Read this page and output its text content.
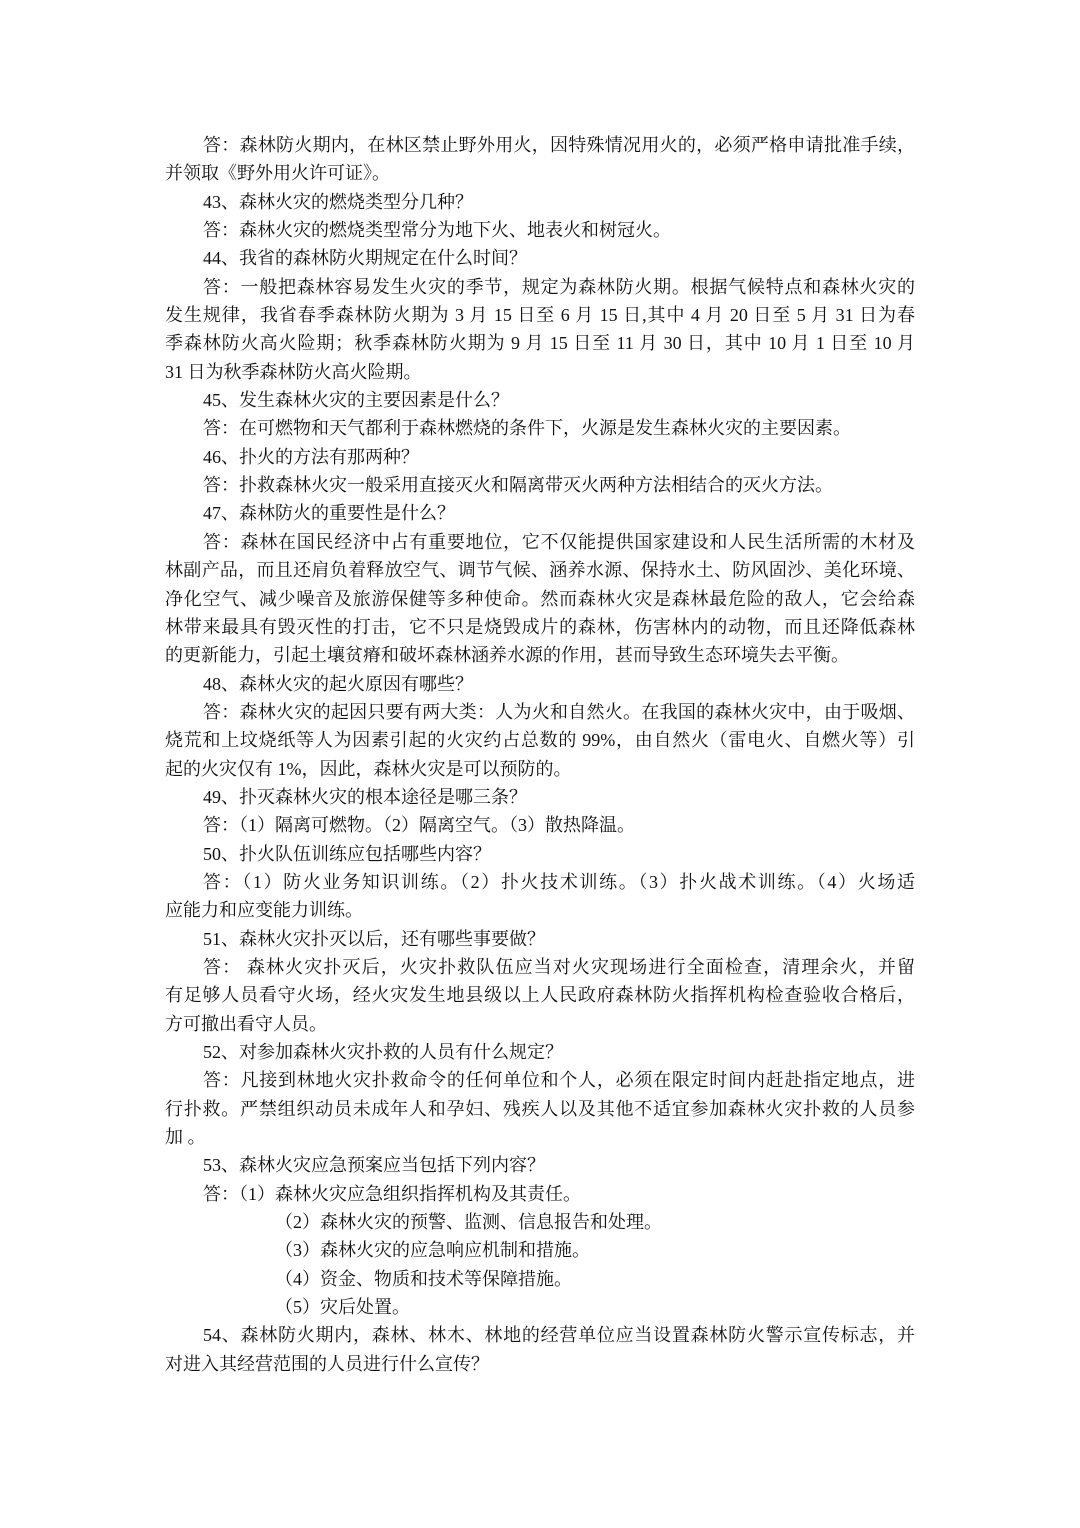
答：森林防火期内，在林区禁止野外用火，因特殊情况用火的，必须严格申请批准手续，
并领取《野外用火许可证》。
43、森林火灾的燃烧类型分几种？
答：森林火灾的燃烧类型常分为地下火、地表火和树冠火。
44、我省的森林防火期规定在什么时间？
答：一般把森林容易发生火灾的季节，规定为森林防火期。根据气候特点和森林火灾的
发生规律，我省春季森林防火期为 3 月 15 日至 6 月 15 日,其中 4 月 20 日至 5 月 31 日为春
季森林防火高火险期；秋季森林防火期为 9 月 15 日至 11 月 30 日，其中 10 月 1 日至 10 月
31 日为秋季森林防火高火险期。
45、发生森林火灾的主要因素是什么？
答：在可燃物和天气都利于森林燃烧的条件下，火源是发生森林火灾的主要因素。
46、扑火的方法有那两种？
答：扑救森林火灾一般采用直接灭火和隔离带灭火两种方法相结合的灭火方法。
47、森林防火的重要性是什么？
答：森林在国民经济中占有重要地位，它不仅能提供国家建设和人民生活所需的木材及
林副产品，而且还肩负着释放空气、调节气候、涵养水源、保持水土、防风固沙、美化环境、
净化空气、减少噪音及旅游保健等多种使命。然而森林火灾是森林最危险的敌人，它会给森
林带来最具有毁灭性的打击，它不只是烧毁成片的森林，伤害林内的动物，而且还降低森林
的更新能力，引起土壤贫瘠和破坏森林涵养水源的作用，甚而导致生态环境失去平衡。
48、森林火灾的起火原因有哪些？
答：森林火灾的起因只要有两大类：人为火和自然火。在我国的森林火灾中，由于吸烟、
烧荒和上坟烧纸等人为因素引起的火灾约占总数的 99%，由自然火（雷电火、自燃火等）引
起的火灾仅有 1%，因此，森林火灾是可以预防的。
49、扑灭森林火灾的根本途径是哪三条？
答：（1）隔离可燃物。（2）隔离空气。（3）散热降温。
50、扑火队伍训练应包括哪些内容？
答：（1）防火业务知识训练。（2）扑火技术训练。（3）扑火战术训练。（4）火场适
应能力和应变能力训练。
51、森林火灾扑灭以后，还有哪些事要做？
答： 森林火灾扑灭后，火灾扑救队伍应当对火灾现场进行全面检查，清理余火，并留
有足够人员看守火场，经火灾发生地县级以上人民政府森林防火指挥机构检查验收合格后，
方可撤出看守人员。
52、对参加森林火灾扑救的人员有什么规定？
答：凡接到林地火灾扑救命令的任何单位和个人，必须在限定时间内赶赴指定地点，进
行扑救。严禁组织动员未成年人和孕妇、残疾人以及其他不适宜参加森林火灾扑救的人员参
加 。
53、森林火灾应急预案应当包括下列内容？
答：（1）森林火灾应急组织指挥机构及其责任。
（2）森林火灾的预警、监测、信息报告和处理。
（3）森林火灾的应急响应机制和措施。
（4）资金、物质和技术等保障措施。
（5）灾后处置。
54、森林防火期内，森林、林木、林地的经营单位应当设置森林防火警示宣传标志，并
对进入其经营范围的人员进行什么宣传？
